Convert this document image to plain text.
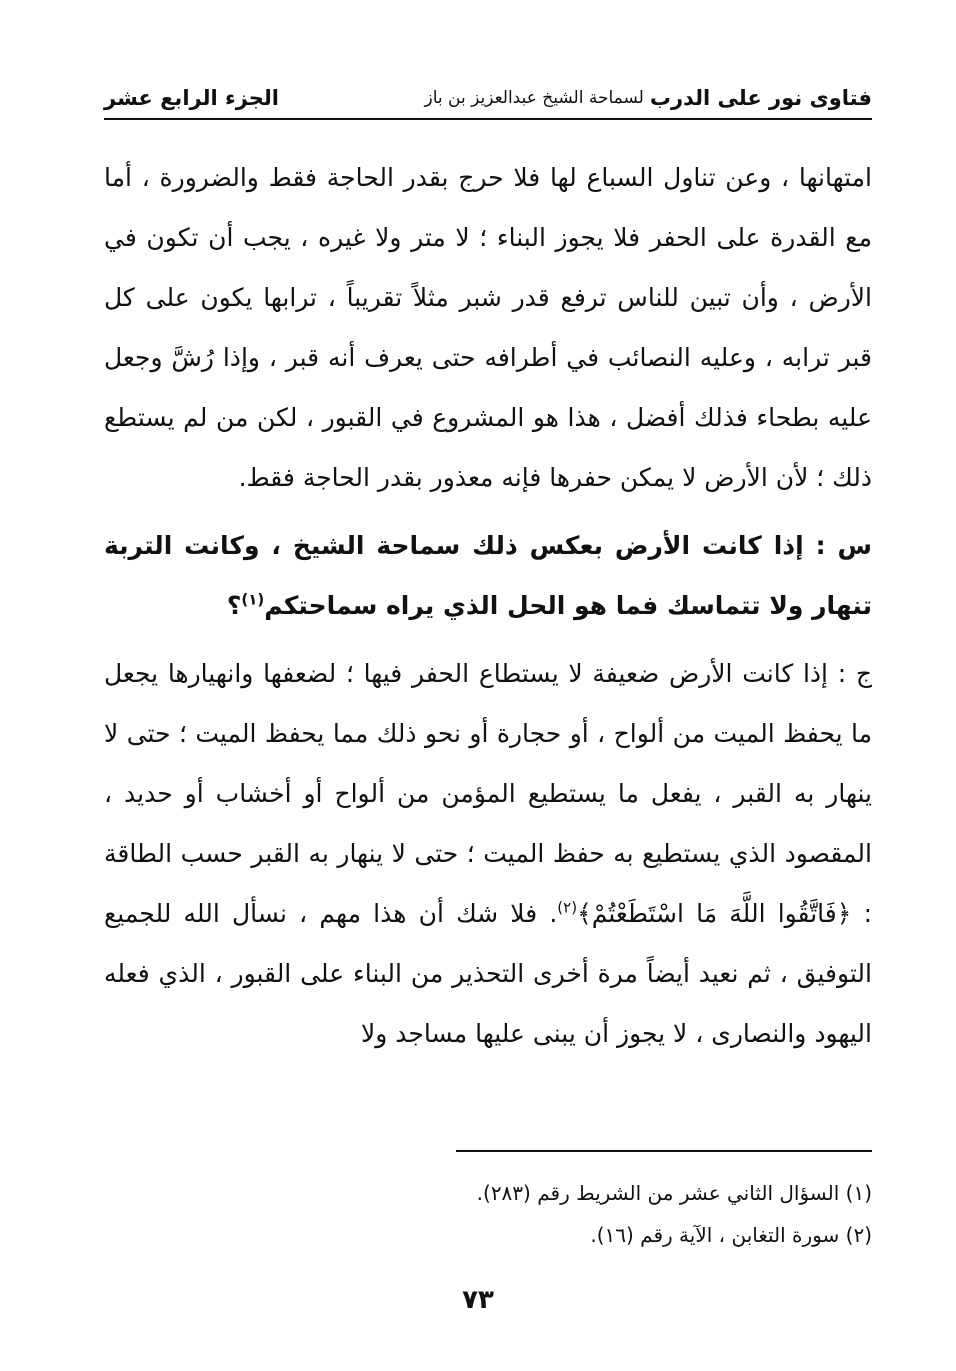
فتاوى نور على الدرب
لسماحة الشيخ عبدالعزيز بن باز
الجزء الرابع عشر

امتهانها ، وعن تناول السباع لها فلا حرج بقدر الحاجة فقط والضرورة ، أما مع القدرة على الحفر فلا يجوز البناء ؛ لا متر ولا غيره ، يجب أن تكون في الأرض ، وأن تبين للناس ترفع قدر شبر مثلاً تقريباً ، ترابها يكون على كل قبر ترابه ، وعليه النصائب في أطرافه حتى يعرف أنه قبر ، وإذا رُشَّ وجعل عليه بطحاء فذلك أفضل ، هذا هو المشروع في القبور ، لكن من لم يستطع ذلك ؛ لأن الأرض لا يمكن حفرها فإنه معذور بقدر الحاجة فقط.

س : إذا كانت الأرض بعكس ذلك سماحة الشيخ ، وكانت التربة تنهار ولا تتماسك فما هو الحل الذي يراه سماحتكم$^{(١)}$؟

ج : إذا كانت الأرض ضعيفة لا يستطاع الحفر فيها ؛ لضعفها وانهيارها يجعل ما يحفظ الميت من ألواح ، أو حجارة أو نحو ذلك مما يحفظ الميت ؛ حتى لا ينهار به القبر ، يفعل ما يستطيع المؤمن من ألواح أو أخشاب أو حديد ، المقصود الذي يستطيع به حفظ الميت ؛ حتى لا ينهار به القبر حسب الطاقة : ﴿فَاتَّقُوا اللَّهَ مَا اسْتَطَعْتُمْ﴾$^{(٢)}$. فلا شك أن هذا مهم ، نسأل الله للجميع التوفيق ، ثم نعيد أيضاً مرة أخرى التحذير من البناء على القبور ، الذي فعله اليهود والنصارى ، لا يجوز أن يبنى عليها مساجد ولا

(١) السؤال الثاني عشر من الشريط رقم (٢٨٣).

(٢) سورة التغابن ، الآية رقم (١٦).

٧٣
